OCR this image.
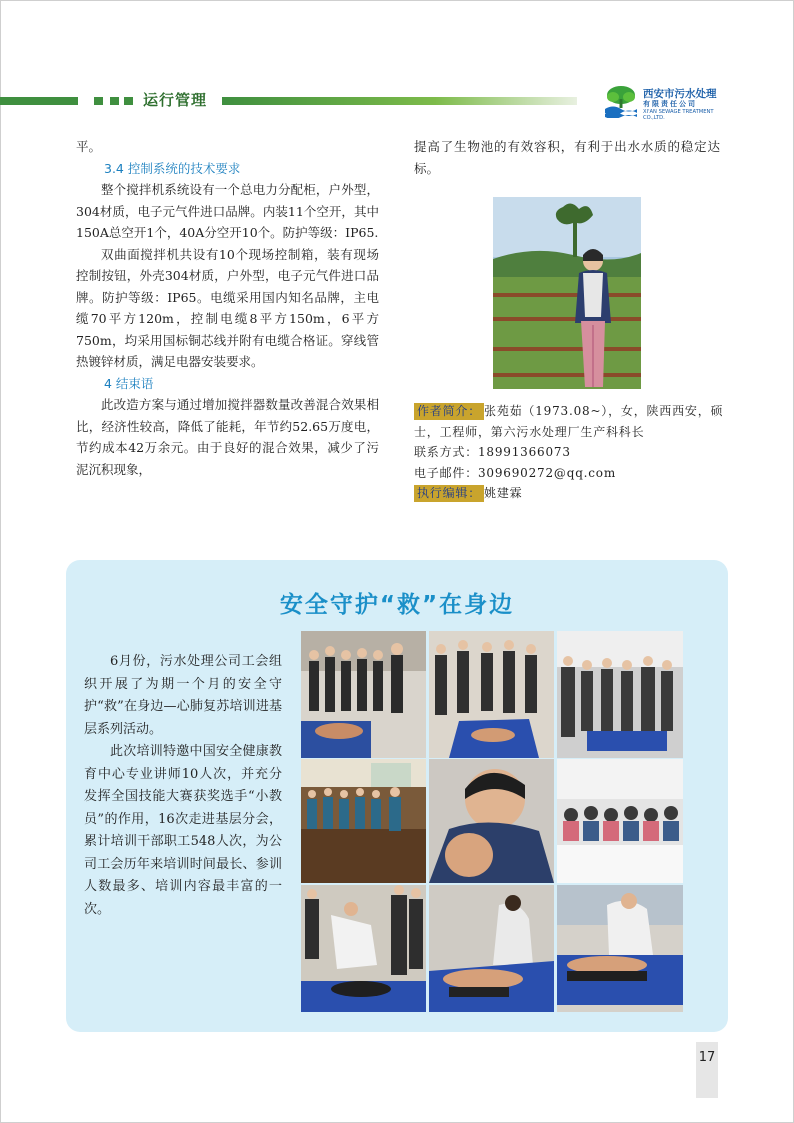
运行管理	西安市污水处理
有限责任公司
XI'AN SEWAGE TREATMENT CO.,LTD.

平。

3.4 控制系统的技术要求

整个搅拌机系统设有一个总电力分配柜，户外型，304材质，电子元气件进口品牌。内装11个空开，其中150A总空开1个，40A分空开10个。防护等级：IP65.

双曲面搅拌机共设有10个现场控制箱，装有现场控制按钮，外壳304材质，户外型，电子元气件进口品牌。防护等级：IP65。电缆采用国内知名品牌，主电缆70平方120m，控制电缆8平方150m，6平方750m，均采用国标铜芯线并附有电缆合格证。穿线管热镀锌材质，满足电器安装要求。

4 结束语

此改造方案与通过增加搅拌器数量改善混合效果相比，经济性较高，降低了能耗，年节约52.65万度电，节约成本42万余元。由于良好的混合效果，减少了污泥沉积现象，

提高了生物池的有效容积，有利于出水水质的稳定达标。

作者简介： 张苑茹（1973.08~），女，陕西西安，硕士，工程师，第六污水处理厂生产科科长
联系方式：18991366073
电子邮件：309690272@qq.com
执行编辑： 姚建霖
安全守护“救”在身边

6月份，污水处理公司工会组织开展了为期一个月的安全守护“救”在身边—心肺复苏培训进基层系列活动。

此次培训特邀中国安全健康教育中心专业讲师10人次，并充分发挥全国技能大赛获奖选手“小教员”的作用，16次走进基层分会，累计培训干部职工548人次，为公司工会历年来培训时间最长、参训人数最多、培训内容最丰富的一次。

17
